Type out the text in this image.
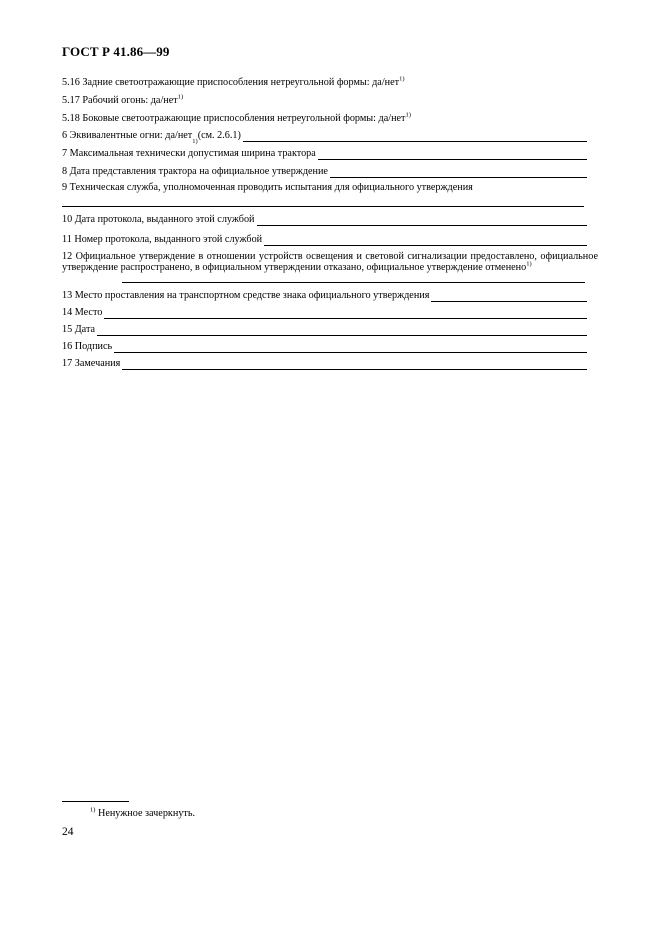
ГОСТ Р 41.86—99
5.16 Задние светоотражающие приспособления нетреугольной формы: да/нет$^{1)}$
5.17 Рабочий огонь: да/нет$^{1)}$
5.18 Боковые светоотражающие приспособления нетреугольной формы: да/нет$^{1)}$
6 Эквивалентные огни: да/нет
1)
(см. 2.6.1)
7 Максимальная технически допустимая ширина трактора
8 Дата представления трактора на официальное утверждение
9 Техническая служба, уполномоченная проводить испытания для официального утверждения
10 Дата протокола, выданного этой службой
11 Номер протокола, выданного этой службой
12 Официальное утверждение в отношении устройств освещения и световой сигнализации предоставлено, официальное утверждение распространено, в официальном утверждении отказано, официальное утверждение отменено$^{1)}$
13 Место проставления на транспортном средстве знака официального утверждения
14 Место
15 Дата
16 Подпись
17 Замечания
$^{1)}$ Ненужное зачеркнуть.
24
